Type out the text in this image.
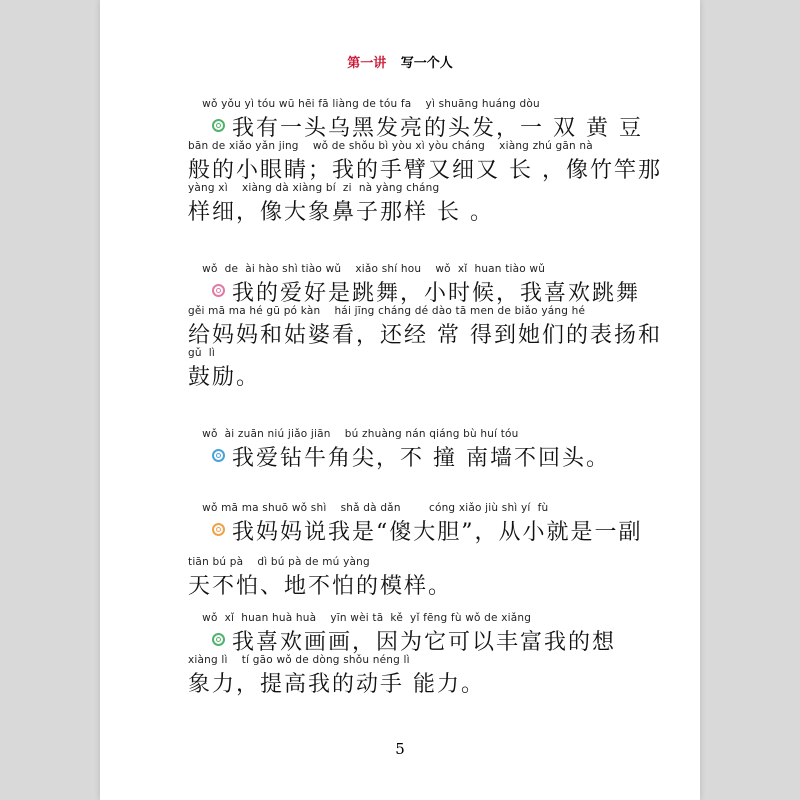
第一讲 写一个人
wǒ yǒu yì tóu wū hēi fā liàng de tóu fa    yì shuāng huáng dòu
我有一头乌黑发亮的头发，一 双 黄 豆
bān de xiǎo yǎn jing    wǒ de shǒu bì yòu xì yòu cháng    xiàng zhú gān nà
般的小眼睛；我的手臂又细又 长 ，像竹竿那
yàng xì    xiàng dà xiàng bí  zi  nà yàng cháng
样细，像大象鼻子那样 长 。
wǒ  de  ài hào shì tiào wǔ    xiǎo shí hou    wǒ  xǐ  huan tiào wǔ
我的爱好是跳舞，小时候，我喜欢跳舞
gěi mā ma hé gū pó kàn    hái jīng cháng dé dào tā men de biǎo yáng hé
给妈妈和姑婆看，还经 常 得到她们的表扬和
gǔ  lì
鼓励。
wǒ  ài zuān niú jiǎo jiān    bú zhuàng nán qiáng bù huí tóu
我爱钻牛角尖，不 撞 南墙不回头。
wǒ mā ma shuō wǒ shì    shǎ dà dǎn        cóng xiǎo jiù shì yí  fù
我妈妈说我是“傻大胆”，从小就是一副
tiān bú pà    dì bú pà de mú yàng
天不怕、地不怕的模样。
wǒ  xǐ  huan huà huà    yīn wèi tā  kě  yǐ fēng fù wǒ de xiǎng
我喜欢画画，因为它可以丰富我的想
xiàng lì    tí gāo wǒ de dòng shǒu néng lì
象力，提高我的动手 能力。
5
